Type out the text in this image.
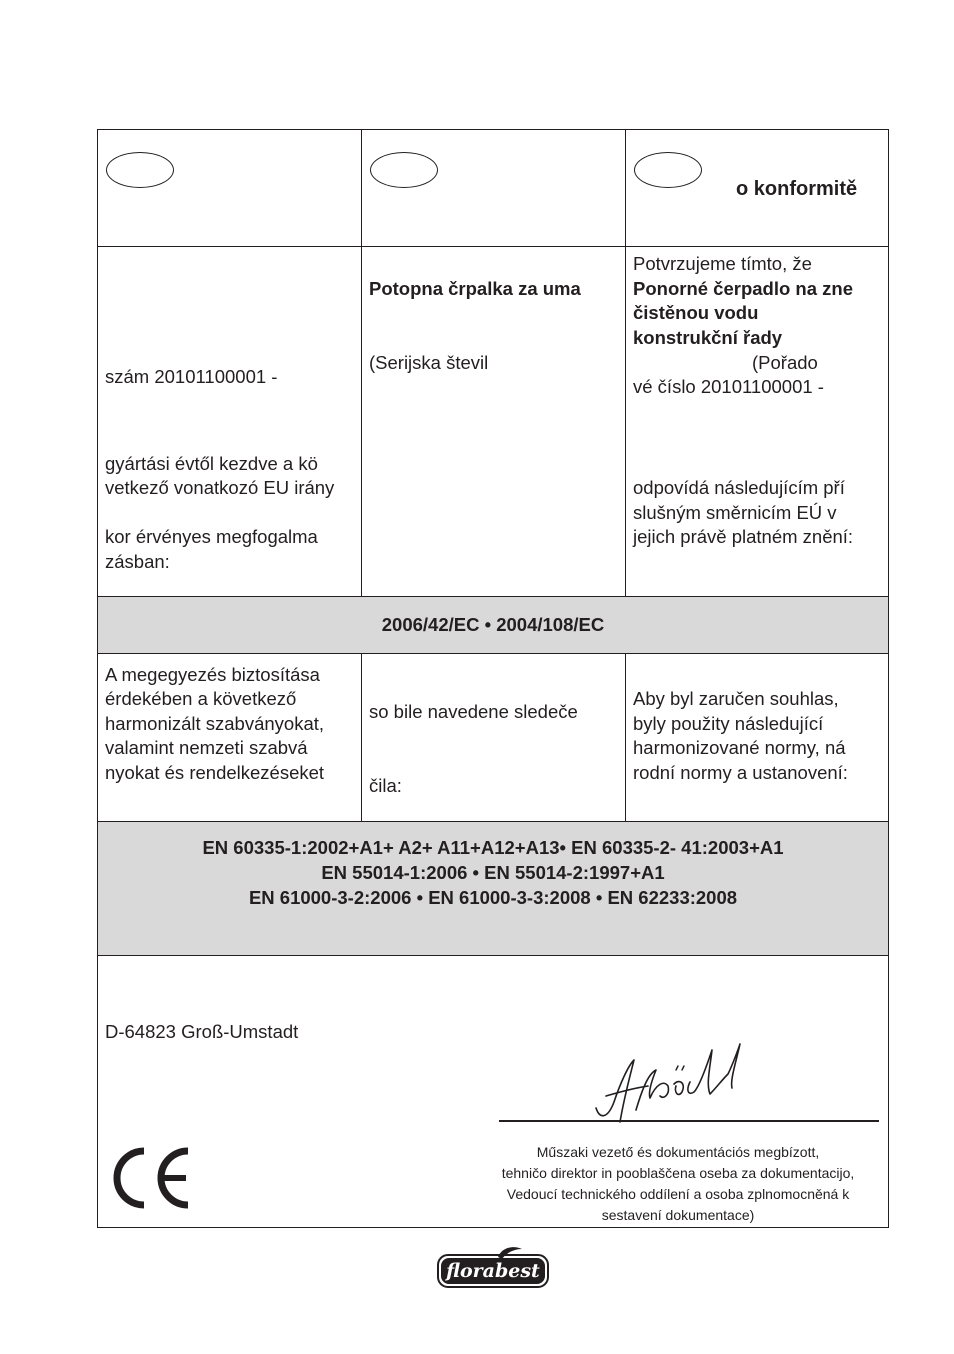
o konformitě
szám 20101100001 -
gyártási évtől kezdve a kö
vetkező vonatkozó EU irány
kor érvényes megfogalma
zásban:
Potopna črpalka za uma
(Serijska števil
Potvrzujeme tímto, že
Ponorné čerpadlo na zne
čistěnou vodu
konstrukční řady
(Pořado
vé číslo 20101100001 -
odpovídá následujícím pří
slušným směrnicím EÚ v
jejich právě platném znění:
2006/42/EC • 2004/108/EC
A megegyezés biztosítása
érdekében a következő
harmonizált szabványokat,
valamint nemzeti szabvá
nyokat és rendelkezéseket
so bile navedene sledeče
čila:
Aby byl zaručen souhlas,
byly použity následující
harmonizované normy, ná
rodní normy a ustanovení:
EN 60335-1:2002+A1+ A2+ A11+A12+A13• EN 60335-2- 41:2003+A1
EN 55014-1:2006 • EN 55014-2:1997+A1
EN 61000-3-2:2006 • EN 61000-3-3:2008 • EN 62233:2008
D-64823 Groß-Umstadt
Műszaki vezető és dokumentációs megbízott,
tehničo direktor in pooblaščena oseba za dokumentacijo,
Vedoucí technického oddílení a osoba zplnomocněná k
sestavení dokumentace)
florabest
